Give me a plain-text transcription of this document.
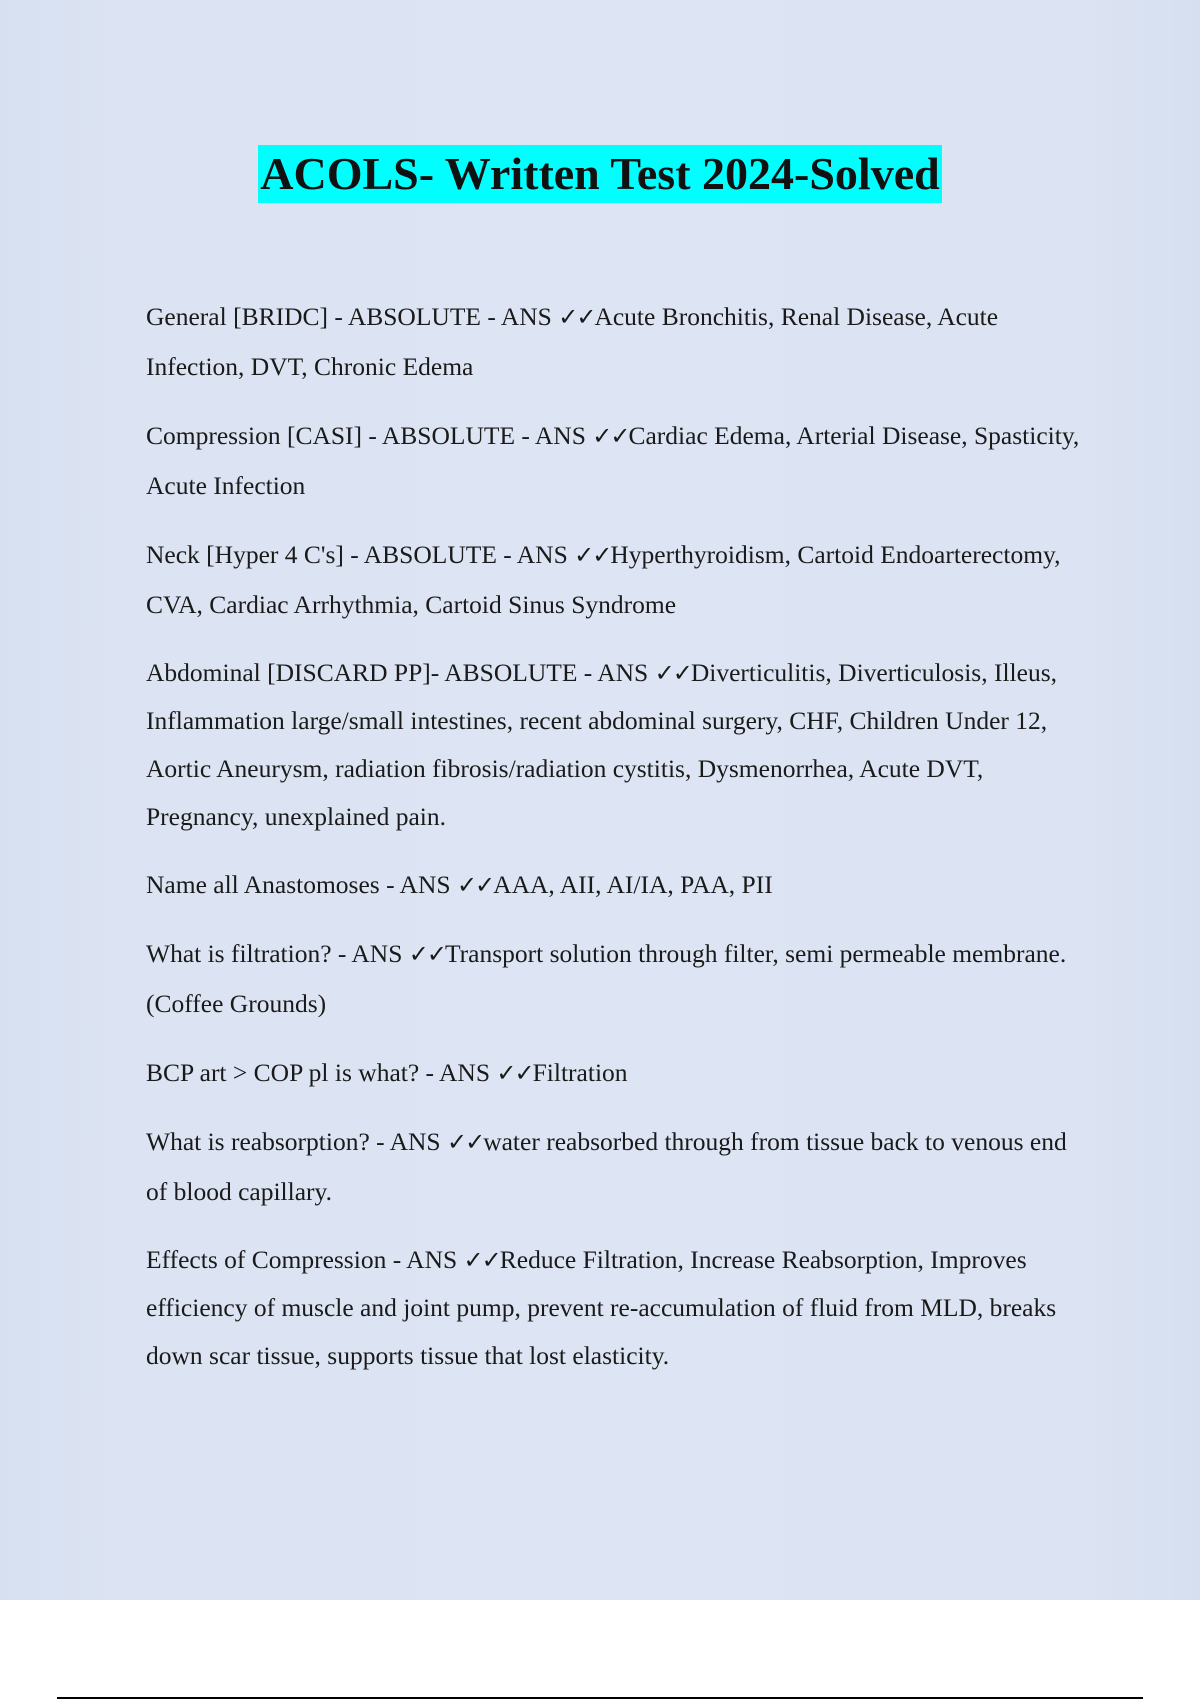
ACOLS- Written Test 2024-Solved

General [BRIDC] - ABSOLUTE - ANS ✓✓Acute Bronchitis, Renal Disease, Acute Infection, DVT, Chronic Edema

Compression [CASI] - ABSOLUTE - ANS ✓✓Cardiac Edema, Arterial Disease, Spasticity, Acute Infection

Neck [Hyper 4 C's] - ABSOLUTE - ANS ✓✓Hyperthyroidism, Cartoid Endoarterectomy, CVA, Cardiac Arrhythmia, Cartoid Sinus Syndrome

Abdominal [DISCARD PP]- ABSOLUTE - ANS ✓✓Diverticulitis, Diverticulosis, Illeus, Inflammation large/small intestines, recent abdominal surgery, CHF, Children Under 12, Aortic Aneurysm, radiation fibrosis/radiation cystitis, Dysmenorrhea, Acute DVT, Pregnancy, unexplained pain.

Name all Anastomoses - ANS ✓✓AAA, AII, AI/IA, PAA, PII

What is filtration? - ANS ✓✓Transport solution through filter, semi permeable membrane. (Coffee Grounds)

BCP art > COP pl is what? - ANS ✓✓Filtration

What is reabsorption? - ANS ✓✓water reabsorbed through from tissue back to venous end of blood capillary.

Effects of Compression - ANS ✓✓Reduce Filtration, Increase Reabsorption, Improves efficiency of muscle and joint pump, prevent re-accumulation of fluid from MLD, breaks down scar tissue, supports tissue that lost elasticity.
